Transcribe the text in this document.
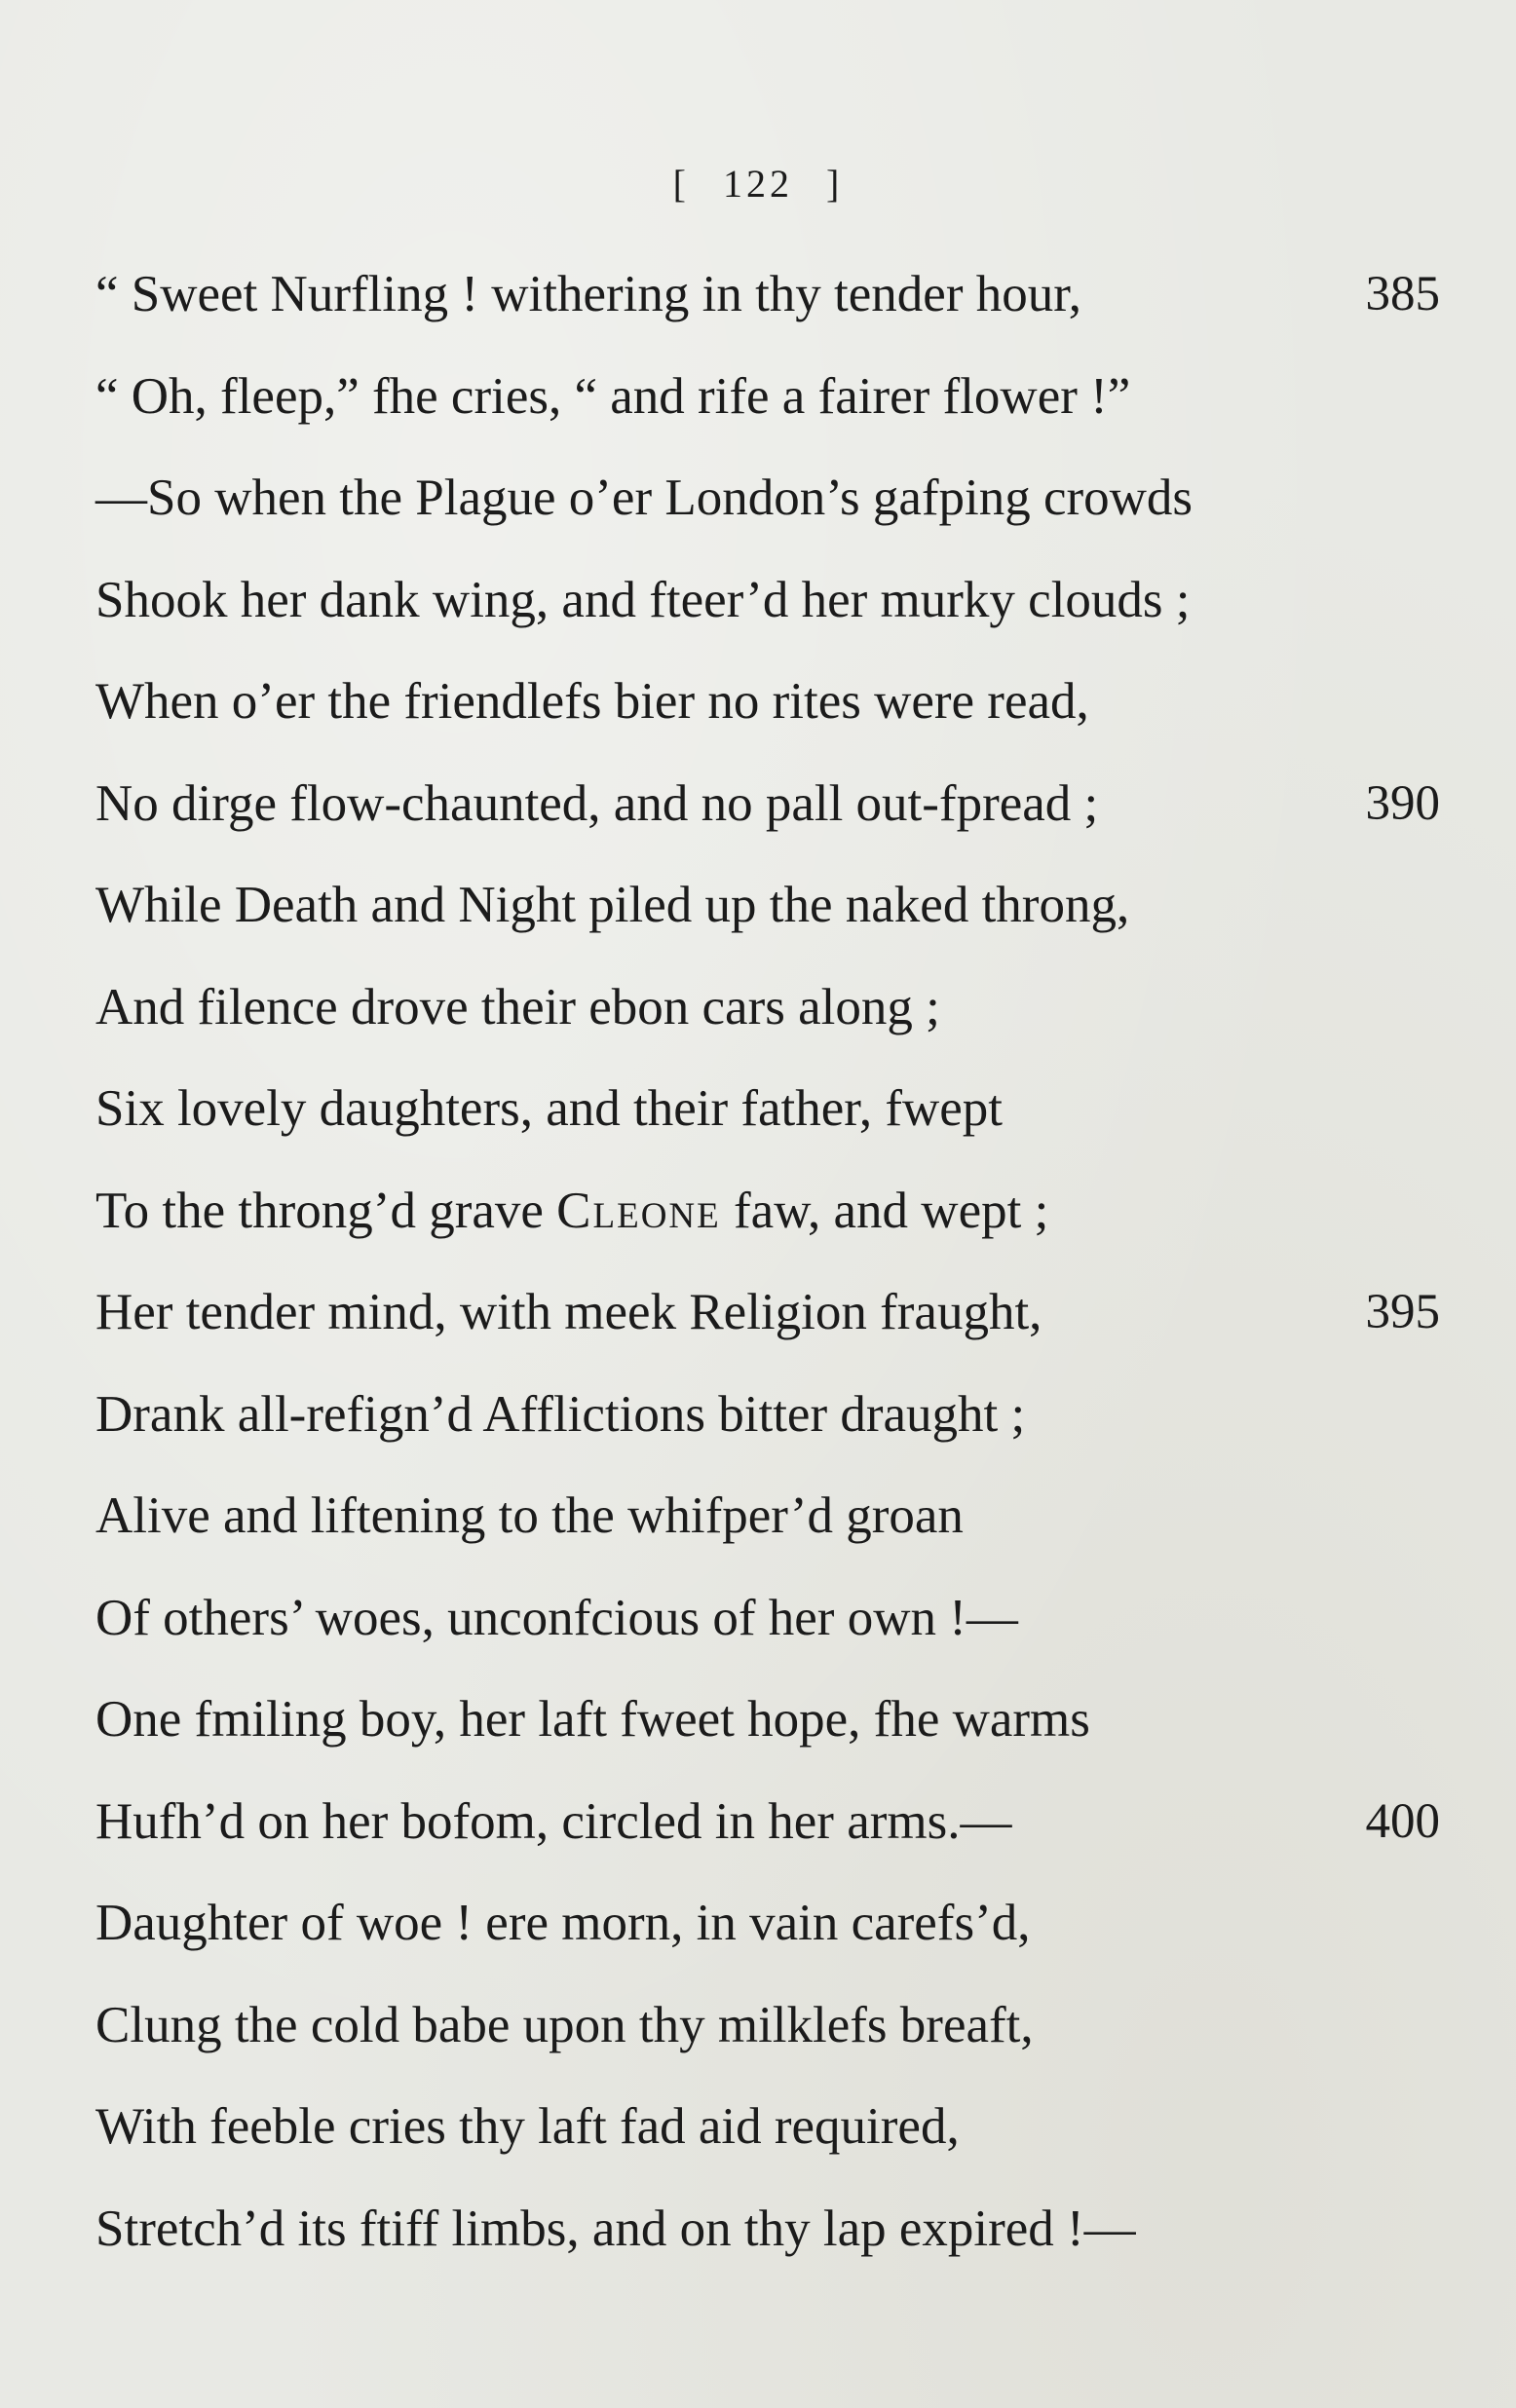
[ 122 ]
“ Sweet Nurfling ! withering in thy tender hour,	385
“ Oh, fleep,” fhe cries, “ and rife a fairer flower !”
—So when the Plague o’er London’s gafping crowds
Shook her dank wing, and fteer’d her murky clouds ;
When o’er the friendlefs bier no rites were read,
No dirge flow-chaunted, and no pall out-fpread ;	390
While Death and Night piled up the naked throng,
And filence drove their ebon cars along ;
Six lovely daughters, and their father, fwept
To the throng’d grave Cleone faw, and wept ;
Her tender mind, with meek Religion fraught,	395
Drank all-refign’d Afflictions bitter draught ;
Alive and liftening to the whifper’d groan
Of others’ woes, unconfcious of her own !—
One fmiling boy, her laft fweet hope, fhe warms
Hufh’d on her bofom, circled in her arms.—	400
Daughter of woe ! ere morn, in vain carefs’d,
Clung the cold babe upon thy milklefs breaft,
With feeble cries thy laft fad aid required,
Stretch’d its ftiff limbs, and on thy lap expired !—
